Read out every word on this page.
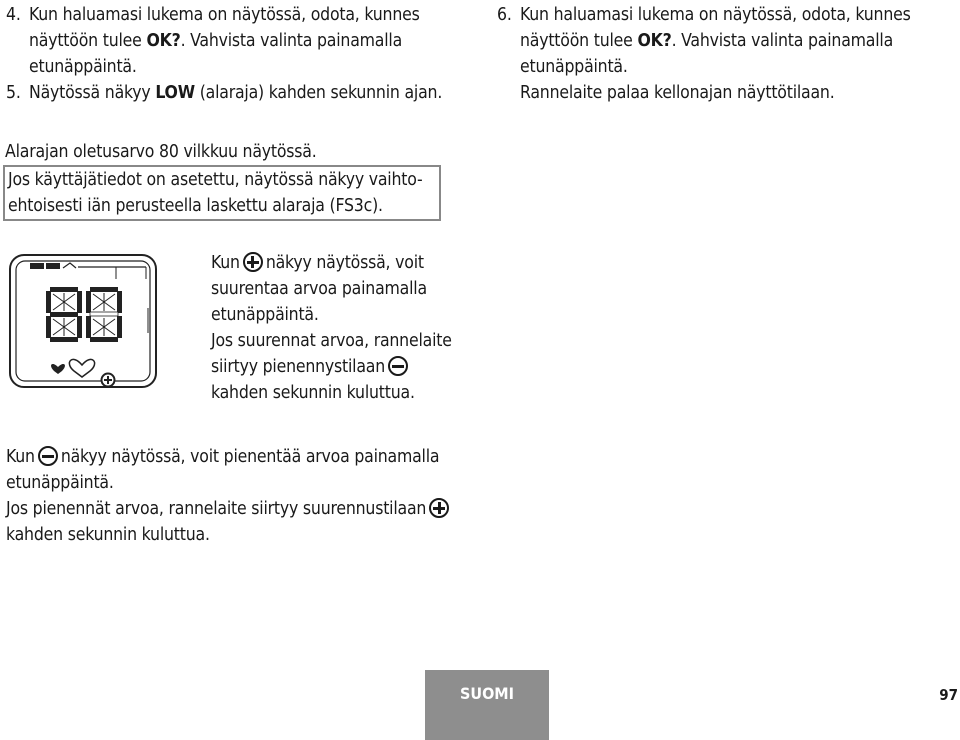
4. Kun haluamasi lukema on näytössä, odota, kunnes
näyttöön tulee OK?. Vahvista valinta painamalla
etunäppäintä.
5. Näytössä näkyy LOW (alaraja) kahden sekunnin ajan.
6. Kun haluamasi lukema on näytössä, odota, kunnes
näyttöön tulee OK?. Vahvista valinta painamalla
etunäppäintä.
Rannelaite palaa kellonajan näyttötilaan.
Alarajan oletusarvo 80 vilkkuu näytössä.
Jos käyttäjätiedot on asetettu, näytössä näkyy vaihto-
ehtoisesti iän perusteella laskettu alaraja (FS3c).
Kun näkyy näytössä, voit
suurentaa arvoa painamalla
etunäppäintä.
Jos suurennat arvoa, rannelaite
siirtyy pienennystilaan
kahden sekunnin kuluttua.
Kun näkyy näytössä, voit pienentää arvoa painamalla
etunäppäintä.
Jos pienennät arvoa, rannelaite siirtyy suurennustilaan
kahden sekunnin kuluttua.
SUOMI	97
